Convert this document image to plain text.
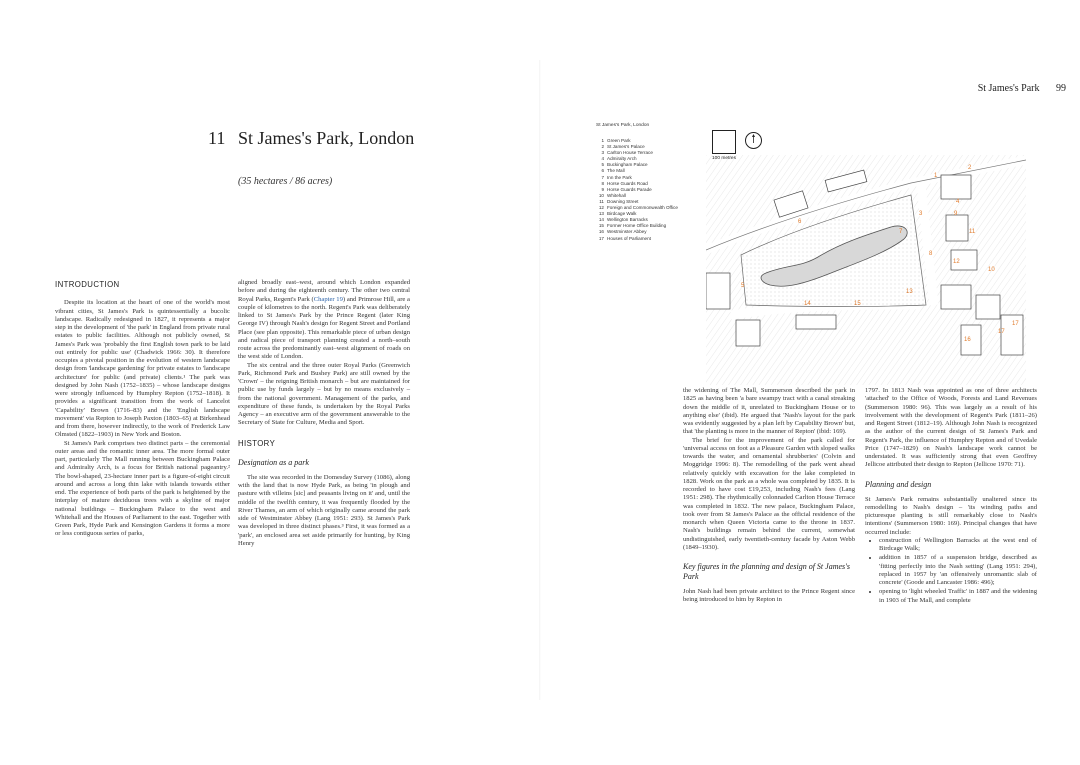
St James's Park 99
11 St James's Park, London
(35 hectares / 86 acres)

INTRODUCTION

Despite its location at the heart of one of the world's most vibrant cities, St James's Park is quintessentially a bucolic landscape. Radically redesigned in 1827, it represents a major step in the development of 'the park' in England from private rural estates to public facilities. Although not publicly owned, St James's Park was 'probably the first English town park to be laid out entirely for public use' (Chadwick 1966: 30). It therefore occupies a pivotal position in the evolution of western landscape design from 'landscape gardening' for private estates to 'landscape architecture' for public (and private) clients.¹ The park was designed by John Nash (1752–1835) – whose landscape designs were strongly influenced by Humphry Repton (1752–1818). It provides a significant transition from the work of Lancelot 'Capability' Brown (1716–83) and the 'English landscape movement' via Repton to Joseph Paxton (1803–65) at Birkenhead and from there, however indirectly, to the work of Frederick Law Olmsted (1822–1903) in New York and Boston.

St James's Park comprises two distinct parts – the ceremonial outer areas and the romantic inner area. The more formal outer part, particularly The Mall running between Buckingham Palace and Admiralty Arch, is a focus for British national pageantry.² The bowl-shaped, 23-hectare inner part is a figure-of-eight circuit around and across a long thin lake with islands towards either end. The experience of both parts of the park is heightened by the interplay of mature deciduous trees with a skyline of major national buildings – Buckingham Palace to the west and Whitehall and the Houses of Parliament to the east. Together with Green Park, Hyde Park and Kensington Gardens it forms a more or less contiguous series of parks,

aligned broadly east–west, around which London expanded before and during the eighteenth century. The other two central Royal Parks, Regent's Park (Chapter 19) and Primrose Hill, are a couple of kilometres to the north. Regent's Park was deliberately linked to St James's Park by the Prince Regent (later King George IV) through Nash's design for Regent Street and Portland Place (see plan opposite). This remarkable piece of urban design and radical piece of transport planning created a north–south route across the predominantly east–west alignment of roads on the west side of London.

The six central and the three outer Royal Parks (Greenwich Park, Richmond Park and Bushey Park) are still owned by the 'Crown' – the reigning British monarch – but are maintained for public use by funds largely – but by no means exclusively – from the national government. Management of the parks, and expenditure of these funds, is undertaken by the Royal Parks Agency – an executive arm of the government answerable to the Secretary of State for Culture, Media and Sport.

HISTORY

Designation as a park

The site was recorded in the Domesday Survey (1086), along with the land that is now Hyde Park, as being 'in plough and pasture with villeins [sic] and peasants living on it' and, until the middle of the twelfth century, it was frequently flooded by the River Thames, an arm of which originally came around the park side of Westminster Abbey (Lang 1951: 293). St James's Park was developed in three distinct phases.³ First, it was formed as a 'park', an enclosed area set aside primarily for hunting, by King Henry

St James's Park, London
1 Green Park
2 St James's Palace
3 Carlton House Terrace
4 Admiralty Arch
5 Buckingham Palace
6 The Mall
7 Inn the Park
8 Horse Guards Road
9 Horse Guards Parade
10 Whitehall
11 Downing Street
12 Foreign and Commonwealth Office
13 Birdcage Walk
14 Wellington Barracks
15 Former Home Office Building
16 Westminster Abbey
17 Houses of Parliament
1
2
3
4
5
6
7
8
9
10
11
12
13
14	15
16
17
17

the widening of The Mall, Summerson described the park in 1825 as having been 'a bare swampy tract with a canal streaking down the middle of it, unrelated to Buckingham House or to anything else' (ibid). He argued that 'Nash's layout for the park was evidently suggested by a plan left by Capability Brown' but, that 'the planting is more in the manner of Repton' (ibid: 169).

The brief for the improvement of the park called for 'universal access on foot as a Pleasure Garden with sloped walks towards the water, and ornamental shrubberies' (Colvin and Moggridge 1996: 8). The remodelling of the park went ahead relatively quickly with excavation for the lake completed in 1828. Work on the park as a whole was completed by 1835. It is recorded to have cost £19,253, including Nash's fees (Lang 1951: 298). The rhythmically colonnaded Carlton House Terrace was completed in 1832. The new palace, Buckingham Palace, took over from St James's Palace as the official residence of the monarch when Queen Victoria came to the throne in 1837. Nash's buildings remain behind the current, somewhat undistinguished, early twentieth-century facade by Aston Webb (1849–1930).

Key figures in the planning and design of St James's Park

John Nash had been private architect to the Prince Regent since being introduced to him by Repton in

1797. In 1813 Nash was appointed as one of three architects 'attached' to the Office of Woods, Forests and Land Revenues (Summerson 1980: 96). This was largely as a result of his involvement with the development of Regent's Park (1811–26) and Regent Street (1812–19). Although John Nash is recognized as the author of the current design of St James's Park and Regent's Park, the influence of Humphry Repton and of Uvedale Price (1747–1829) on Nash's landscape work cannot be understated. It was sufficiently strong that even Geoffrey Jellicoe attributed their design to Repton (Jellicoe 1970: 71).

Planning and design

St James's Park remains substantially unaltered since its remodelling to Nash's design – 'its winding paths and picturesque planting is still remarkably close to Nash's intentions' (Summerson 1980: 169). Principal changes that have occurred include:

• construction of Wellington Barracks at the west end of Birdcage Walk;
• addition in 1857 of a suspension bridge, described as 'fitting perfectly into the Nash setting' (Lang 1951: 294), replaced in 1957 by 'an offensively unromantic slab of concrete' (Goode and Lancaster 1986: 496);
• opening to 'light wheeled Traffic' in 1887 and the widening in 1903 of The Mall, and complete
